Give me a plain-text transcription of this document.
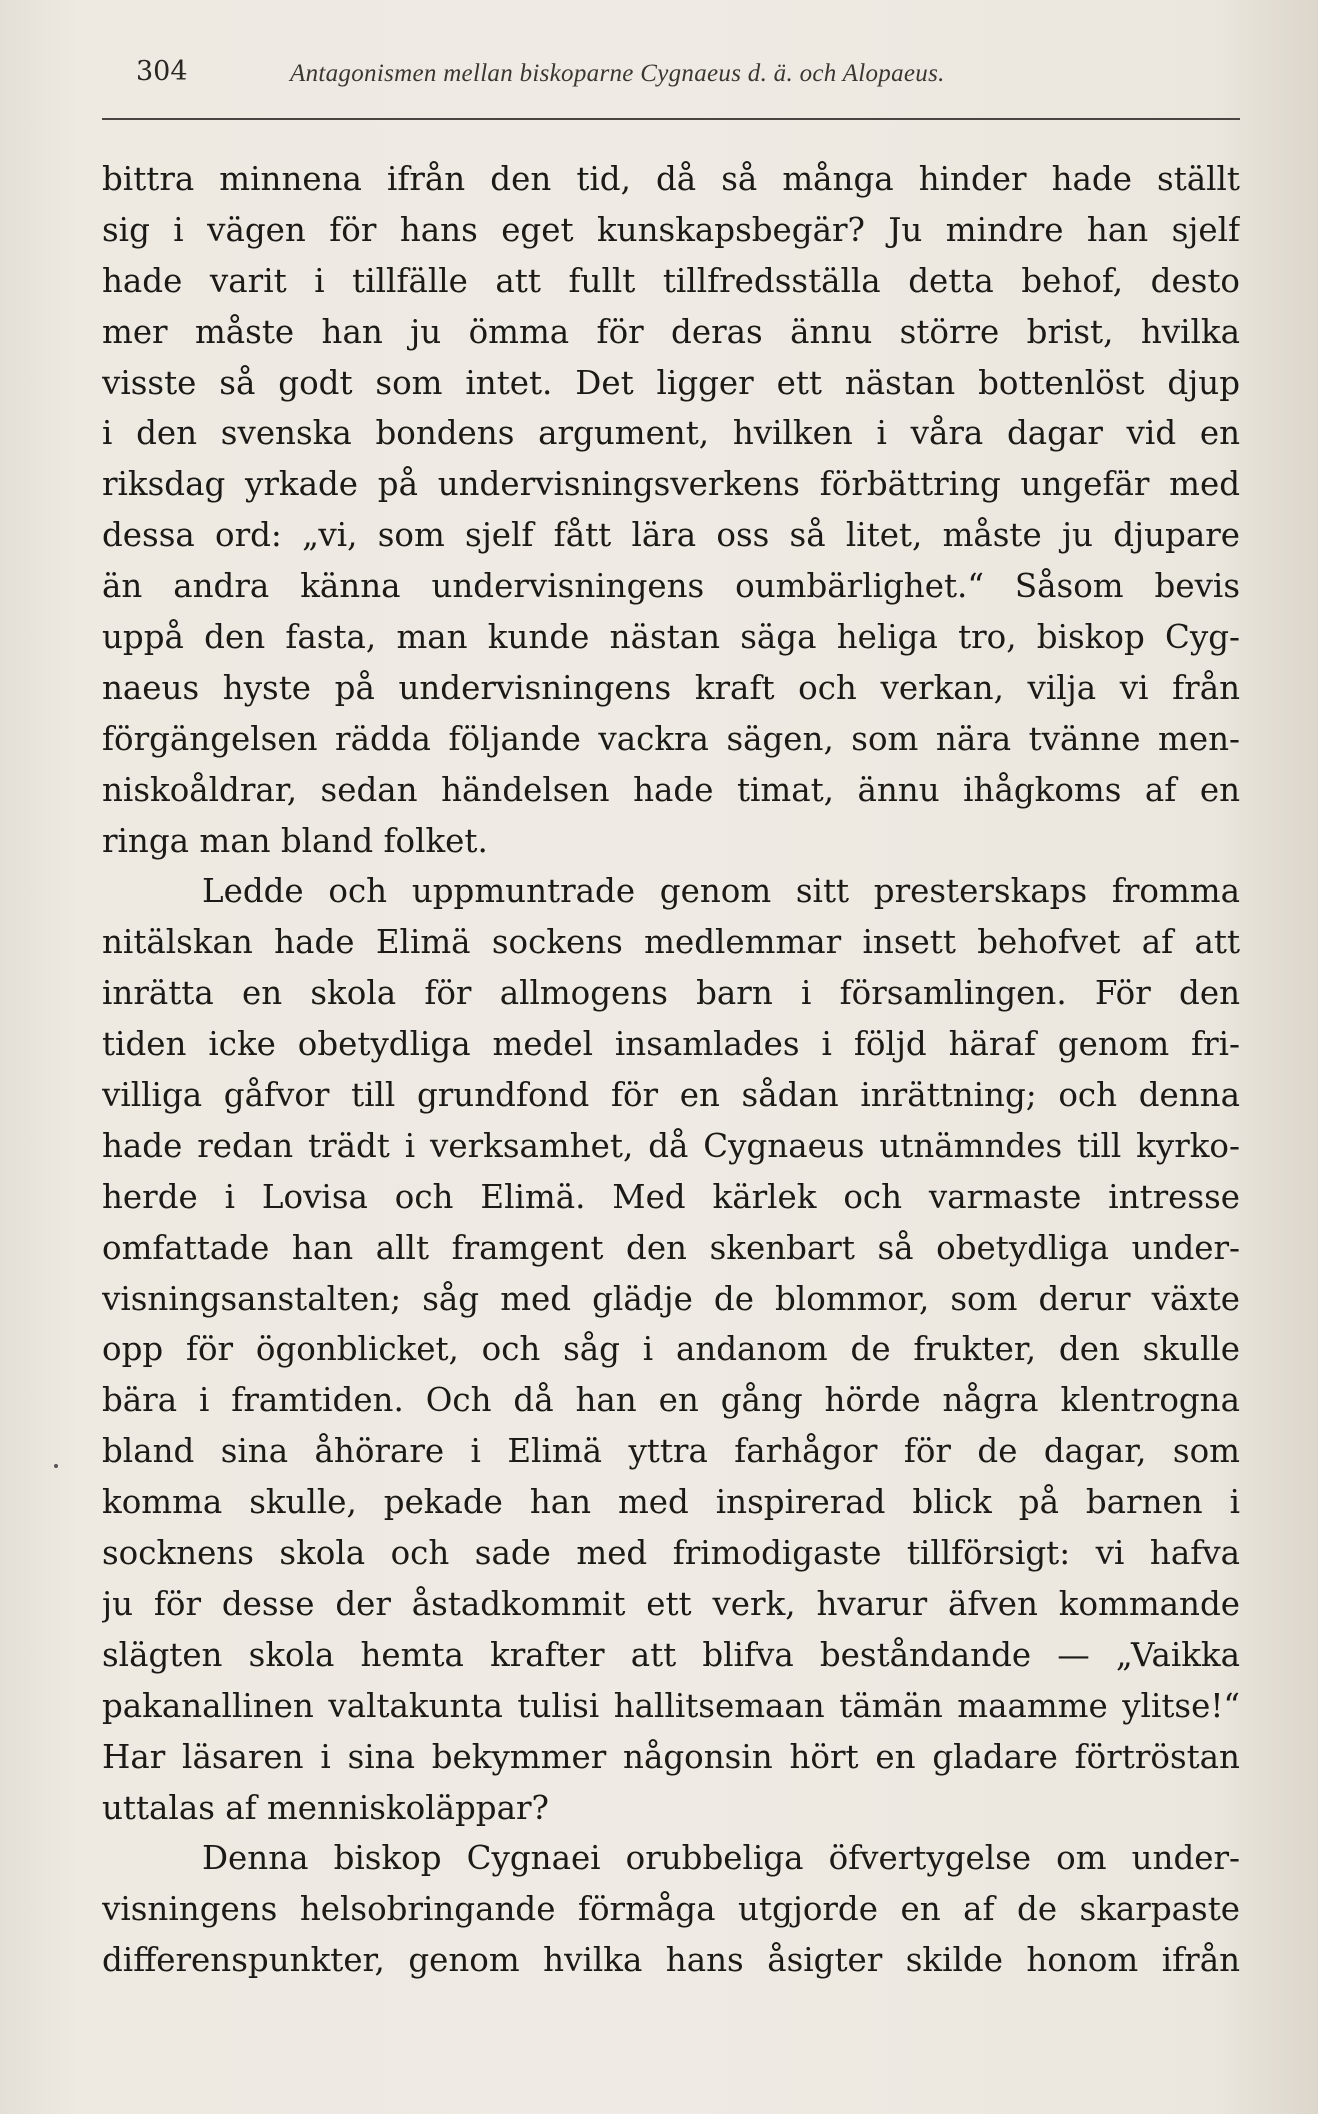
304	Antagonismen mellan biskoparne Cygnaeus d. ä. och Alopaeus.
bittra minnena ifrån den tid, då så många hinder hade ställt
sig i vägen för hans eget kunskapsbegär? Ju mindre han sjelf
hade varit i tillfälle att fullt tillfredsställa detta behof, desto
mer måste han ju ömma för deras ännu större brist, hvilka
visste så godt som intet. Det ligger ett nästan bottenlöst djup
i den svenska bondens argument, hvilken i våra dagar vid en
riksdag yrkade på undervisningsverkens förbättring ungefär med
dessa ord: „vi, som sjelf fått lära oss så litet, måste ju djupare
än andra känna undervisningens oumbärlighet.“ Såsom bevis
uppå den fasta, man kunde nästan säga heliga tro, biskop Cyg-
naeus hyste på undervisningens kraft och verkan, vilja vi från
förgängelsen rädda följande vackra sägen, som nära tvänne men-
niskoåldrar, sedan händelsen hade timat, ännu ihågkoms af en
ringa man bland folket.
Ledde och uppmuntrade genom sitt presterskaps fromma
nitälskan hade Elimä sockens medlemmar insett behofvet af att
inrätta en skola för allmogens barn i församlingen. För den
tiden icke obetydliga medel insamlades i följd häraf genom fri-
villiga gåfvor till grundfond för en sådan inrättning; och denna
hade redan trädt i verksamhet, då Cygnaeus utnämndes till kyrko-
herde i Lovisa och Elimä. Med kärlek och varmaste intresse
omfattade han allt framgent den skenbart så obetydliga under-
visningsanstalten; såg med glädje de blommor, som derur växte
opp för ögonblicket, och såg i andanom de frukter, den skulle
bära i framtiden. Och då han en gång hörde några klentrogna
bland sina åhörare i Elimä yttra farhågor för de dagar, som
komma skulle, pekade han med inspirerad blick på barnen i
socknens skola och sade med frimodigaste tillförsigt: vi hafva
ju för desse der åstadkommit ett verk, hvarur äfven kommande
slägten skola hemta krafter att blifva beståndande — „Vaikka
pakanallinen valtakunta tulisi hallitsemaan tämän maamme ylitse!“
Har läsaren i sina bekymmer någonsin hört en gladare förtröstan
uttalas af menniskoläppar?
Denna biskop Cygnaei orubbeliga öfvertygelse om under-
visningens helsobringande förmåga utgjorde en af de skarpaste
differenspunkter, genom hvilka hans åsigter skilde honom ifrån
